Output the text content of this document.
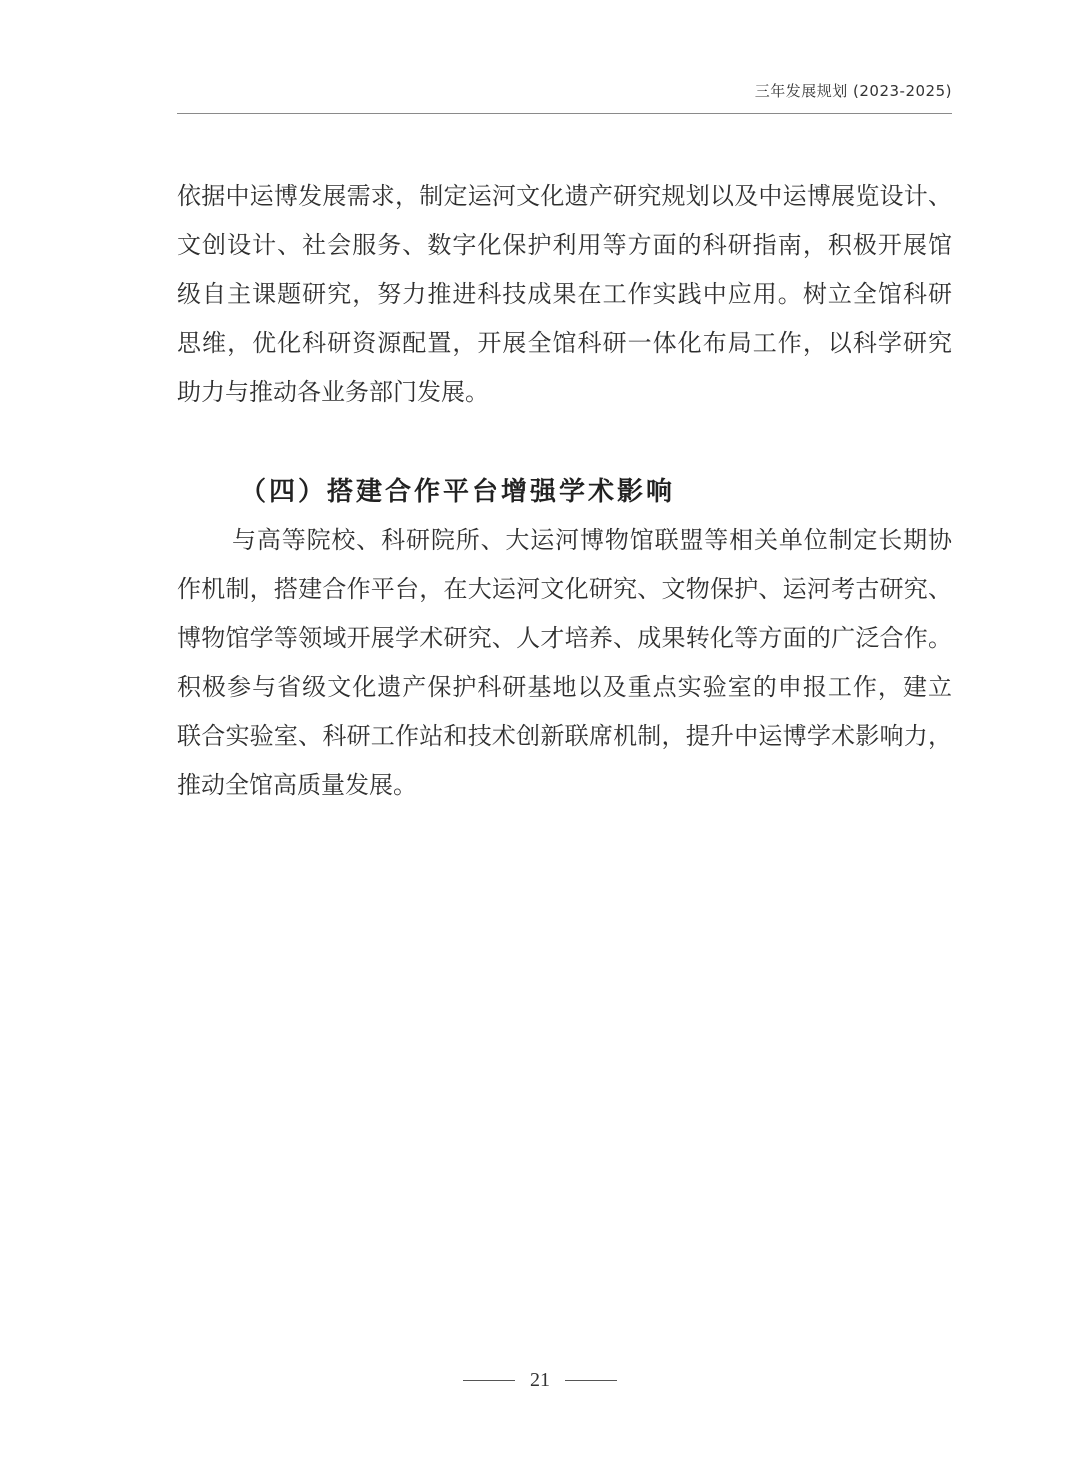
三年发展规划 (2023-2025)
依据中运博发展需求，制定运河文化遗产研究规划以及中运博展览设计、
文创设计、社会服务、数字化保护利用等方面的科研指南，积极开展馆
级自主课题研究，努力推进科技成果在工作实践中应用。树立全馆科研
思维，优化科研资源配置，开展全馆科研一体化布局工作，以科学研究
助力与推动各业务部门发展。
（四）搭建合作平台增强学术影响
与高等院校、科研院所、大运河博物馆联盟等相关单位制定长期协
作机制，搭建合作平台，在大运河文化研究、文物保护、运河考古研究、
博物馆学等领域开展学术研究、人才培养、成果转化等方面的广泛合作。
积极参与省级文化遗产保护科研基地以及重点实验室的申报工作，建立
联合实验室、科研工作站和技术创新联席机制，提升中运博学术影响力，
推动全馆高质量发展。
21
